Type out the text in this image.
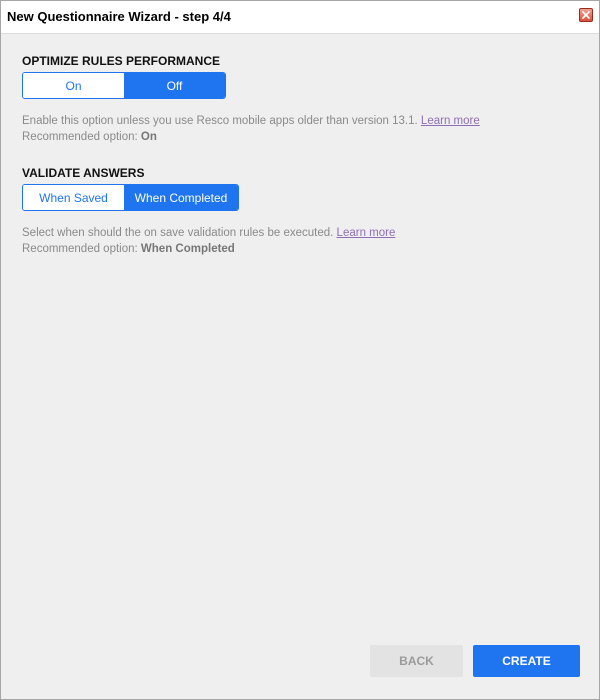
New Questionnaire Wizard - step 4/4
OPTIMIZE RULES PERFORMANCE
On	Off
Enable this option unless you use Resco mobile apps older than version 13.1. Learn more
Recommended option: On
VALIDATE ANSWERS
When Saved	When Completed
Select when should the on save validation rules be executed. Learn more
Recommended option: When Completed
BACK	CREATE
